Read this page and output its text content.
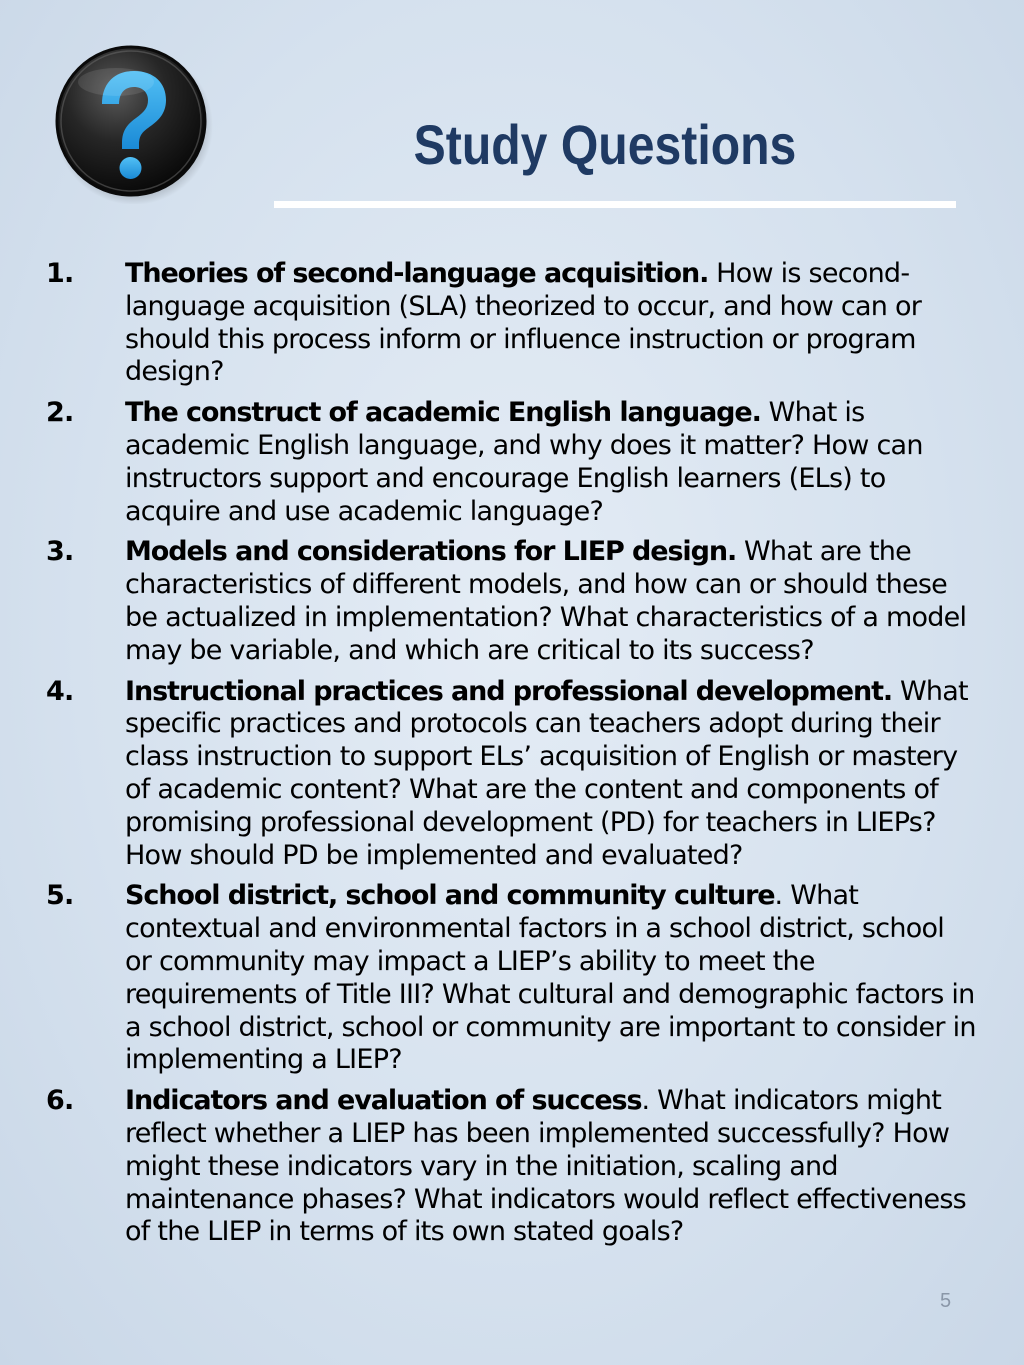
Study Questions
1. Theories of second-language acquisition. How is second-language acquisition (SLA) theorized to occur, and how can or should this process inform or influence instruction or program design?
2. The construct of academic English language. What is academic English language, and why does it matter? How can instructors support and encourage English learners (ELs) to acquire and use academic language?
3. Models and considerations for LIEP design. What are the characteristics of different models, and how can or should these be actualized in implementation? What characteristics of a model may be variable, and which are critical to its success?
4. Instructional practices and professional development. What specific practices and protocols can teachers adopt during their class instruction to support ELs’ acquisition of English or mastery of academic content? What are the content and components of promising professional development (PD) for teachers in LIEPs? How should PD be implemented and evaluated?
5. School district, school and community culture. What contextual and environmental factors in a school district, school or community may impact a LIEP’s ability to meet the requirements of Title III? What cultural and demographic factors in a school district, school or community are important to consider in implementing a LIEP?
6. Indicators and evaluation of success. What indicators might reflect whether a LIEP has been implemented successfully? How might these indicators vary in the initiation, scaling and maintenance phases? What indicators would reflect effectiveness of the LIEP in terms of its own stated goals?
5
